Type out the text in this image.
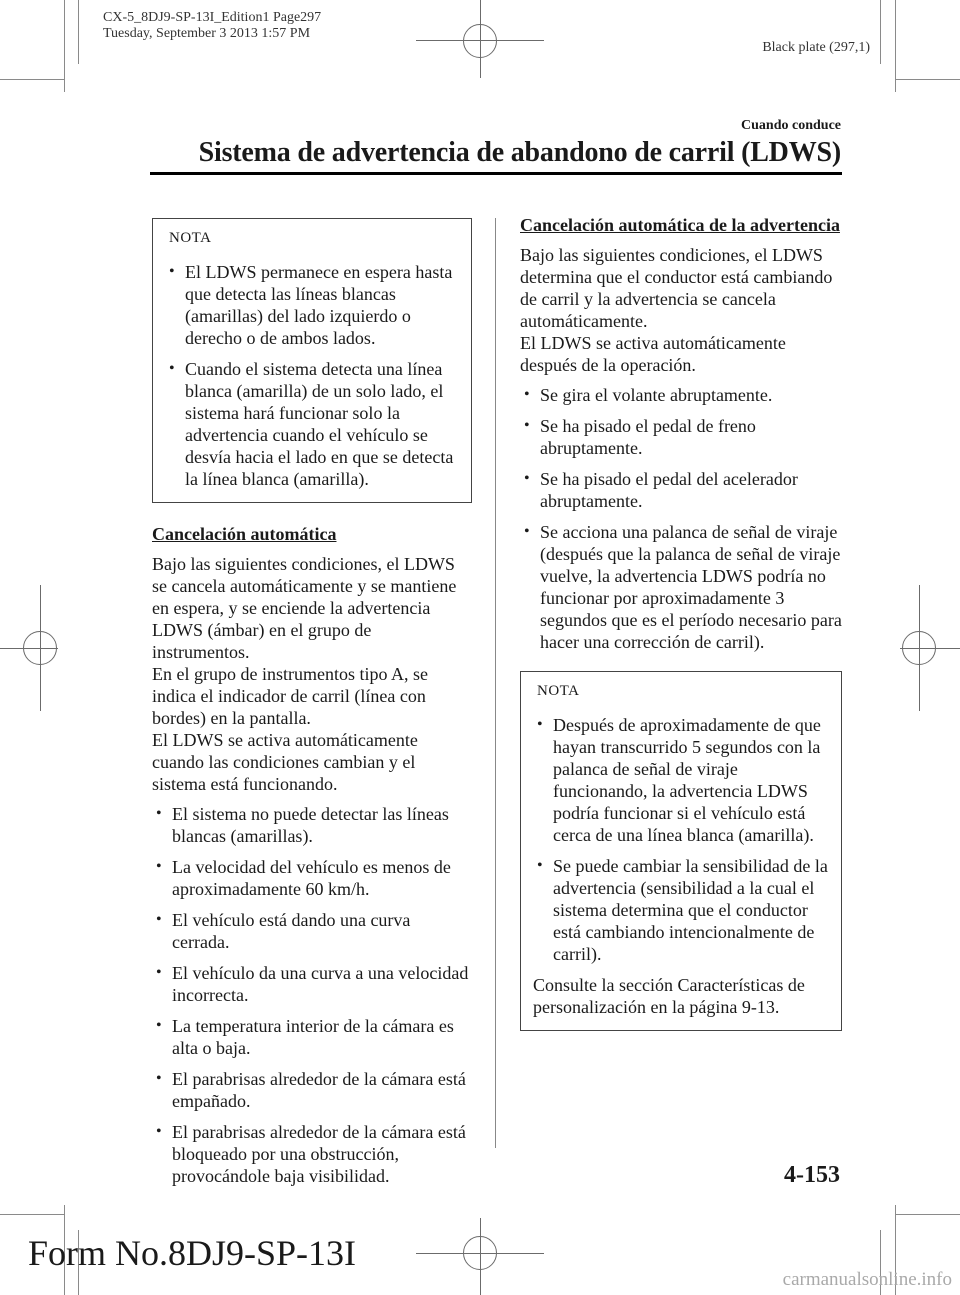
CX-5_8DJ9-SP-13I_Edition1 Page297
Tuesday, September 3 2013 1:57 PM
Black plate (297,1)
Cuando conduce
Sistema de advertencia de abandono de carril (LDWS)
NOTA
• El LDWS permanece en espera hasta que detecta las líneas blancas (amarillas) del lado izquierdo o derecho o de ambos lados.
• Cuando el sistema detecta una línea blanca (amarilla) de un solo lado, el sistema hará funcionar solo la advertencia cuando el vehículo se desvía hacia el lado en que se detecta la línea blanca (amarilla).
Cancelación automática

Bajo las siguientes condiciones, el LDWS se cancela automáticamente y se mantiene en espera, y se enciende la advertencia LDWS (ámbar) en el grupo de instrumentos.

En el grupo de instrumentos tipo A, se indica el indicador de carril (línea con bordes) en la pantalla.

El LDWS se activa automáticamente cuando las condiciones cambian y el sistema está funcionando.

• El sistema no puede detectar las líneas blancas (amarillas).
• La velocidad del vehículo es menos de aproximadamente 60 km/h.
• El vehículo está dando una curva cerrada.
• El vehículo da una curva a una velocidad incorrecta.
• La temperatura interior de la cámara es alta o baja.
• El parabrisas alrededor de la cámara está empañado.
• El parabrisas alrededor de la cámara está bloqueado por una obstrucción, provocándole baja visibilidad.
Cancelación automática de la advertencia

Bajo las siguientes condiciones, el LDWS determina que el conductor está cambiando de carril y la advertencia se cancela automáticamente.

El LDWS se activa automáticamente después de la operación.

• Se gira el volante abruptamente.
• Se ha pisado el pedal de freno abruptamente.
• Se ha pisado el pedal del acelerador abruptamente.
• Se acciona una palanca de señal de viraje (después que la palanca de señal de viraje vuelve, la advertencia LDWS podría no funcionar por aproximadamente 3 segundos que es el período necesario para hacer una corrección de carril).
NOTA
• Después de aproximadamente de que hayan transcurrido 5 segundos con la palanca de señal de viraje funcionando, la advertencia LDWS podría funcionar si el vehículo está cerca de una línea blanca (amarilla).
• Se puede cambiar la sensibilidad de la advertencia (sensibilidad a la cual el sistema determina que el conductor está cambiando intencionalmente de carril).

Consulte la sección Características de personalización en la página 9-13.

4-153
Form No.8DJ9-SP-13I
carmanualsonline.info
